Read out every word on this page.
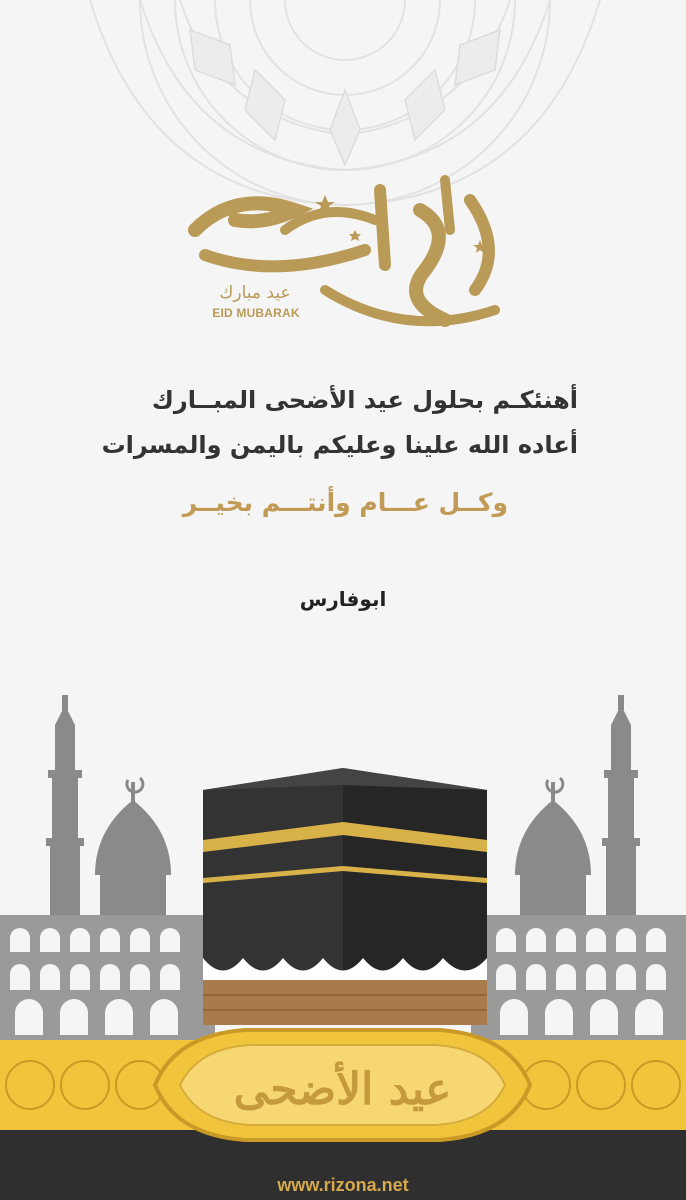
عيد مبارك
EID MUBARAK
أهنئكـم بحلول عيد الأضحى المبــارك
أعاده الله علينا وعليكم باليمن والمسرات
وكــل عـــام وأنتـــم بخيــر
ابوفارس
عيد الأضحى
www.rizona.net
